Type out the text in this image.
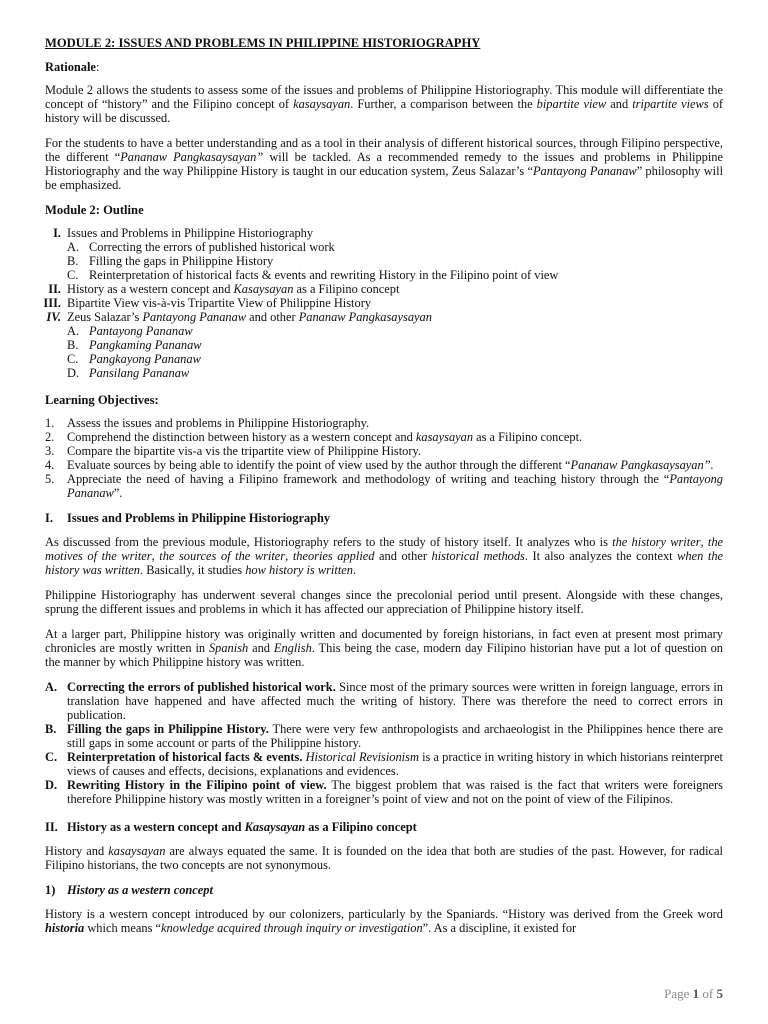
MODULE 2: ISSUES AND PROBLEMS IN PHILIPPINE HISTORIOGRAPHY
Rationale:

Module 2 allows the students to assess some of the issues and problems of Philippine Historiography. This module will differentiate the concept of “history” and the Filipino concept of kasaysayan. Further, a comparison between the bipartite view and tripartite views of history will be discussed.

For the students to have a better understanding and as a tool in their analysis of different historical sources, through Filipino perspective, the different “Pananaw Pangkasaysayan” will be tackled. As a recommended remedy to the issues and problems in Philippine Historiography and the way Philippine History is taught in our education system, Zeus Salazar’s “Pantayong Pananaw” philosophy will be emphasized.

Module 2: Outline
I. Issues and Problems in Philippine Historiography
A. Correcting the errors of published historical work
B. Filling the gaps in Philippine History
C. Reinterpretation of historical facts & events and rewriting History in the Filipino point of view
II. History as a western concept and Kasaysayan as a Filipino concept
III. Bipartite View vis-à-vis Tripartite View of Philippine History
IV. Zeus Salazar’s Pantayong Pananaw and other Pananaw Pangkasaysayan
A. Pantayong Pananaw
B. Pangkaming Pananaw
C. Pangkayong Pananaw
D. Pansilang Pananaw
Learning Objectives:
1. Assess the issues and problems in Philippine Historiography.
2. Comprehend the distinction between history as a western concept and kasaysayan as a Filipino concept.
3. Compare the bipartite vis-a vis the tripartite view of Philippine History.
4. Evaluate sources by being able to identify the point of view used by the author through the different “Pananaw Pangkasaysayan”.
5. Appreciate the need of having a Filipino framework and methodology of writing and teaching history through the “Pantayong Pananaw”.
I. Issues and Problems in Philippine Historiography

As discussed from the previous module, Historiography refers to the study of history itself. It analyzes who is the history writer, the motives of the writer, the sources of the writer, theories applied and other historical methods. It also analyzes the context when the history was written. Basically, it studies how history is written.

Philippine Historiography has underwent several changes since the precolonial period until present. Alongside with these changes, sprung the different issues and problems in which it has affected our appreciation of Philippine history itself.

At a larger part, Philippine history was originally written and documented by foreign historians, in fact even at present most primary chronicles are mostly written in Spanish and English. This being the case, modern day Filipino historian have put a lot of question on the manner by which Philippine history was written.

A. Correcting the errors of published historical work. Since most of the primary sources were written in foreign language, errors in translation have happened and have affected much the writing of history. There was therefore the need to correct errors in publication.
B. Filling the gaps in Philippine History. There were very few anthropologists and archaeologist in the Philippines hence there are still gaps in some account or parts of the Philippine history.
C. Reinterpretation of historical facts & events. Historical Revisionism is a practice in writing history in which historians reinterpret views of causes and effects, decisions, explanations and evidences.
D. Rewriting History in the Filipino point of view. The biggest problem that was raised is the fact that writers were foreigners therefore Philippine history was mostly written in a foreigner’s point of view and not on the point of view of the Filipinos.
II. History as a western concept and Kasaysayan as a Filipino concept

History and kasaysayan are always equated the same. It is founded on the idea that both are studies of the past. However, for radical Filipino historians, the two concepts are not synonymous.

1) History as a western concept

History is a western concept introduced by our colonizers, particularly by the Spaniards. “History was derived from the Greek word historia which means “knowledge acquired through inquiry or investigation”. As a discipline, it existed for

Page 1 of 5
